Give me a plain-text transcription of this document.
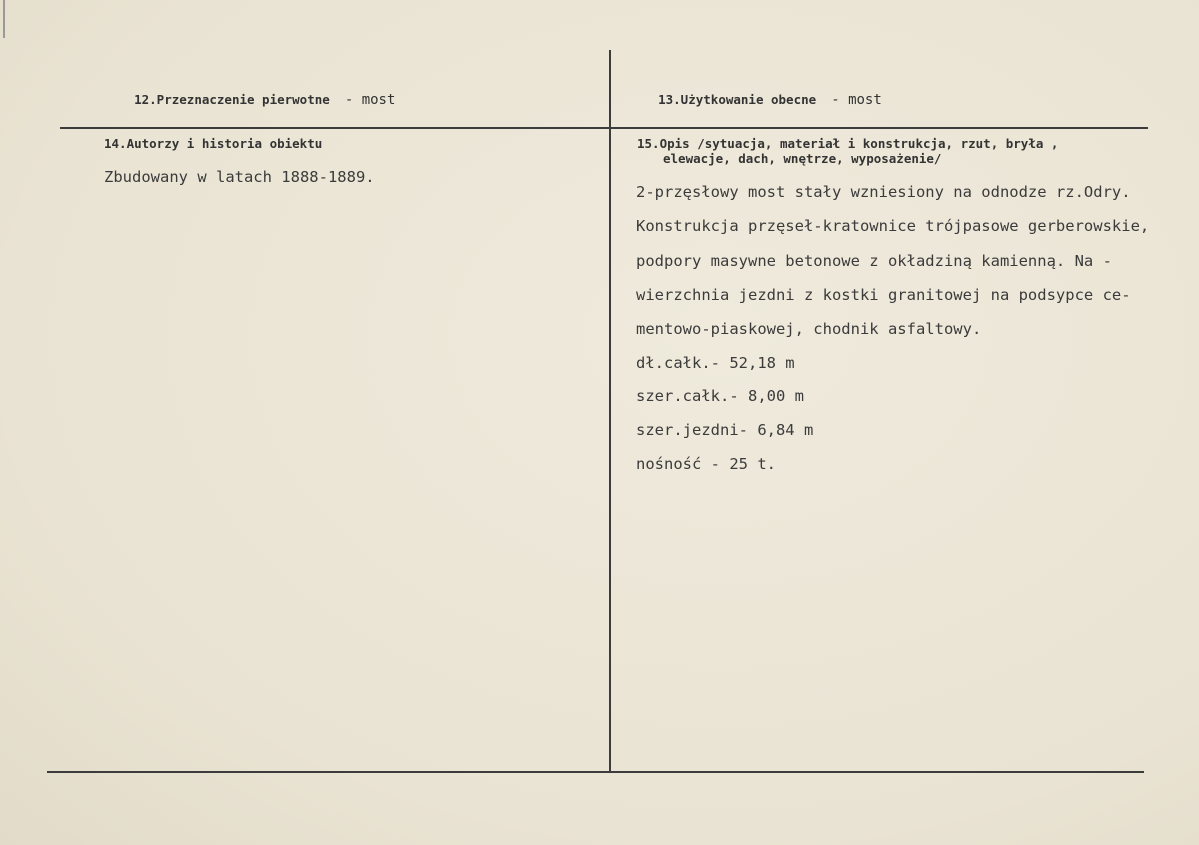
12.Przeznaczenie pierwotne - most
	13.Użytkowanie obecne - most

14.Autorzy i historia obiektu
Zbudowany w latach 1888-1889.
15.Opis /sytuacja, materiał i konstrukcja, rzut, bryła ,
elewacje, dach, wnętrze, wyposażenie/
2-przęsłowy most stały wzniesiony na odnodze rz.Odry.
Konstrukcja przęseł-kratownice trójpasowe gerberowskie,
podpory masywne betonowe z okładziną kamienną. Na -
wierzchnia jezdni z kostki granitowej na podsypce ce-
mentowo-piaskowej, chodnik asfaltowy.
dł.całk.- 52,18 m
szer.całk.- 8,00 m
szer.jezdni- 6,84 m
nośność - 25 t.
